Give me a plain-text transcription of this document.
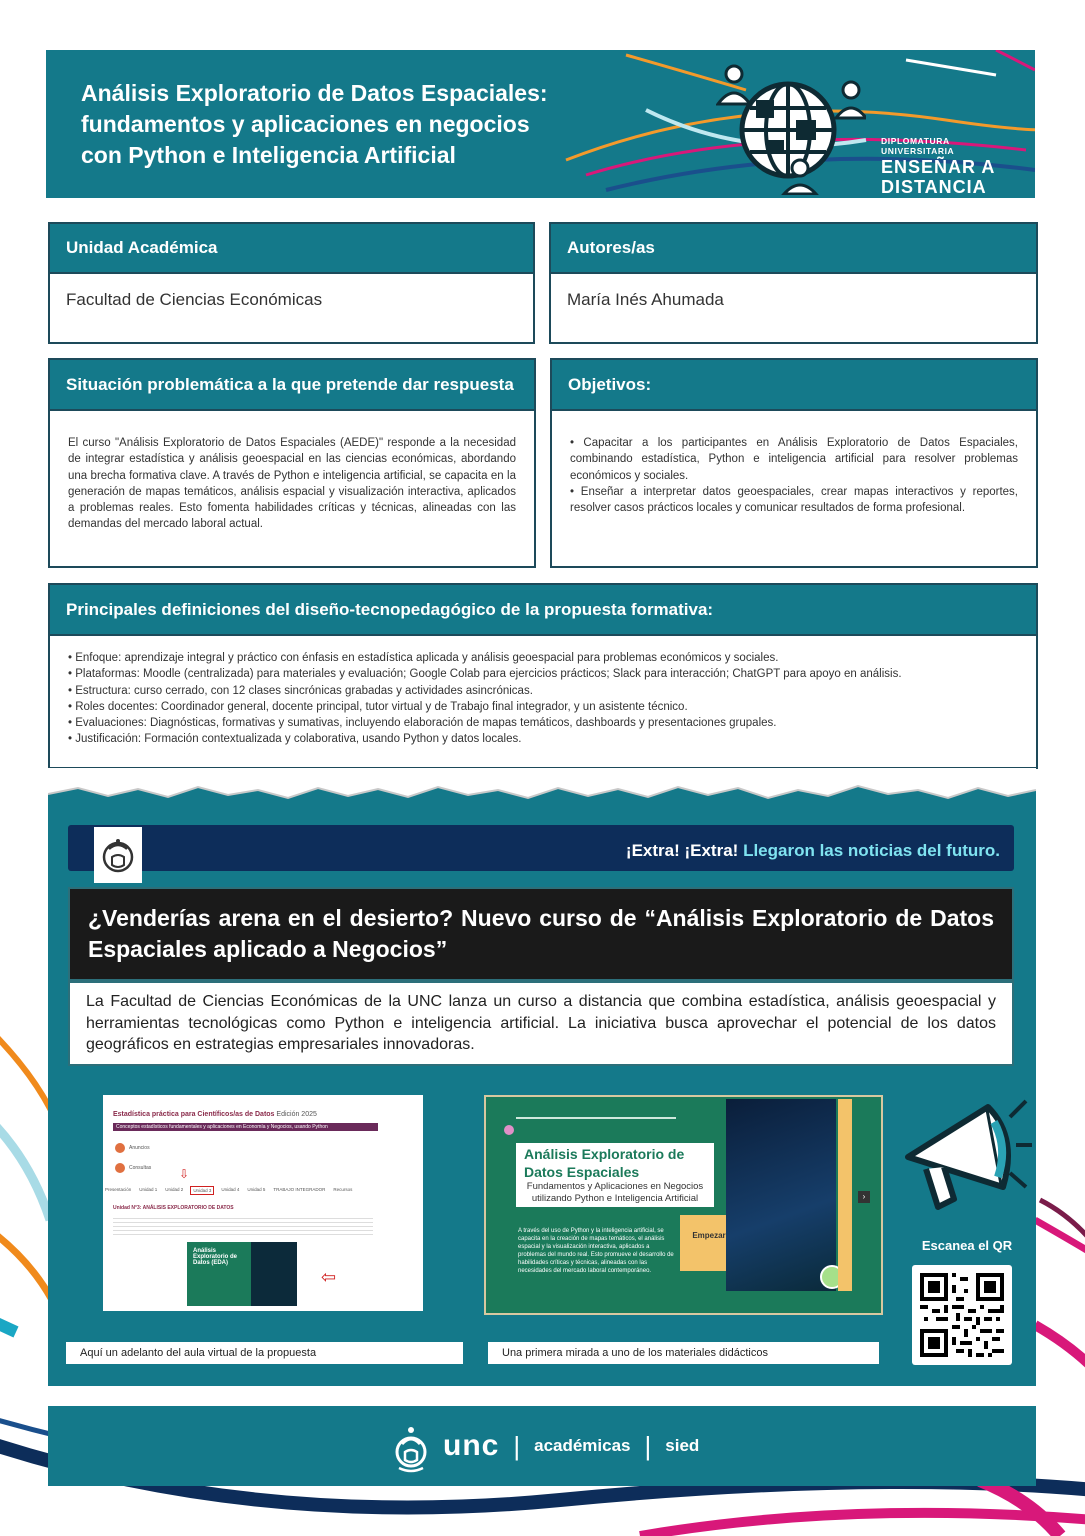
Análisis Exploratorio de Datos Espaciales: fundamentos y aplicaciones en negocios con Python e Inteligencia Artificial
DIPLOMATURA UNIVERSITARIA
ENSEÑAR A
DISTANCIA
Unidad Académica
Facultad de Ciencias Económicas
Autores/as
María Inés Ahumada
Situación problemática a la que pretende dar respuesta
El curso "Análisis Exploratorio de Datos Espaciales (AEDE)" responde a la necesidad de integrar estadística y análisis geoespacial en las ciencias económicas, abordando una brecha formativa clave. A través de Python e inteligencia artificial, se capacita en la generación de mapas temáticos, análisis espacial y visualización interactiva, aplicados a problemas reales. Esto fomenta habilidades críticas y técnicas, alineadas con las demandas del mercado laboral actual.
Objetivos:
• Capacitar a los participantes en Análisis Exploratorio de Datos Espaciales, combinando estadística, Python e inteligencia artificial para resolver problemas económicos y sociales.
• Enseñar a interpretar datos geoespaciales, crear mapas interactivos y reportes, resolver casos prácticos locales y comunicar resultados de forma profesional.
Principales definiciones del diseño-tecnopedagógico de la propuesta formativa:
• Enfoque: aprendizaje integral y práctico con énfasis en estadística aplicada y análisis geoespacial para problemas económicos y sociales.
• Plataformas: Moodle (centralizada) para materiales y evaluación; Google Colab para ejercicios prácticos; Slack para interacción; ChatGPT para apoyo en análisis.
• Estructura: curso cerrado, con 12 clases sincrónicas grabadas y actividades asincrónicas.
• Roles docentes: Coordinador general, docente principal, tutor virtual y de Trabajo final integrador, y un asistente técnico.
• Evaluaciones: Diagnósticas, formativas y sumativas, incluyendo elaboración de mapas temáticos, dashboards y presentaciones grupales.
• Justificación: Formación contextualizada y colaborativa, usando Python y datos locales.
¡Extra! ¡Extra! Llegaron las noticias del futuro.
¿Venderías arena en el desierto? Nuevo curso de “Análisis Exploratorio de Datos Espaciales aplicado a Negocios”
La Facultad de Ciencias Económicas de la UNC lanza un curso a distancia que combina estadística, análisis geoespacial y herramientas tecnológicas como Python e inteligencia artificial. La iniciativa busca aprovechar el potencial de los datos geográficos en estrategias empresariales innovadoras.
Estadística práctica para Científicos/as de Datos Edición 2025
Conceptos estadísticos fundamentales y aplicaciones en Economía y Negocios, usando Python
Anuncios
Consultas
Presentación Unidad 1 Unidad 2	Unidad 3	Unidad 4 Unidad 5 TRABAJO INTEGRADOR Recursos
⇩
Unidad N°3: ANÁLISIS EXPLORATORIO DE DATOS
Análisis Exploratorio de Datos (EDA)
⇦
Análisis Exploratorio de
Datos Espaciales
Fundamentos y Aplicaciones en Negocios
utilizando Python e Inteligencia Artificial
A través del uso de Python y la inteligencia artificial, se capacita en la creación de mapas temáticos, el análisis espacial y la visualización interactiva, aplicados a problemas del mundo real. Esto promueve el desarrollo de habilidades críticas y técnicas, alineadas con las necesidades del mercado laboral contemporáneo.
Empezar
›
Escanea el QR
Aquí un adelanto del aula virtual de la propuesta	Una primera mirada a uno de los materiales didácticos
unc | académicas | sied
